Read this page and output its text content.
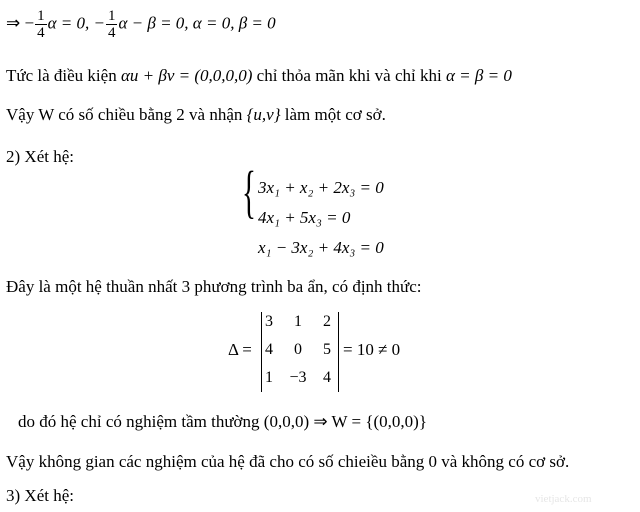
⇒ − $\frac{1}{4}$ α = 0, − $\frac{1}{4}$ α − β = 0, α = 0, β = 0
Tức là điều kiện αu + βv = (0,0,0,0) chỉ thỏa mãn khi và chỉ khi α = β = 0
Vậy W có số chiều bằng 2 và nhận {u,v} làm một cơ sở.
2) Xét hệ:
{ 3x₁ + x₂ + 2x₃ = 0
4x₁ + 5x₃ = 0
x₁ − 3x₂ + 4x₃ = 0
Đây là một hệ thuần nhất 3 phương trình ba ẩn, có định thức:
Δ =
3	1	2
4	0	5
1	−3	4
= 10 ≠ 0
do đó hệ chỉ có nghiệm tầm thường (0,0,0) ⇒ W = {(0,0,0)}
Vậy không gian các nghiệm của hệ đã cho có số chieiều bằng 0 và không có cơ sở.
3) Xét hệ:	vietjack.com
